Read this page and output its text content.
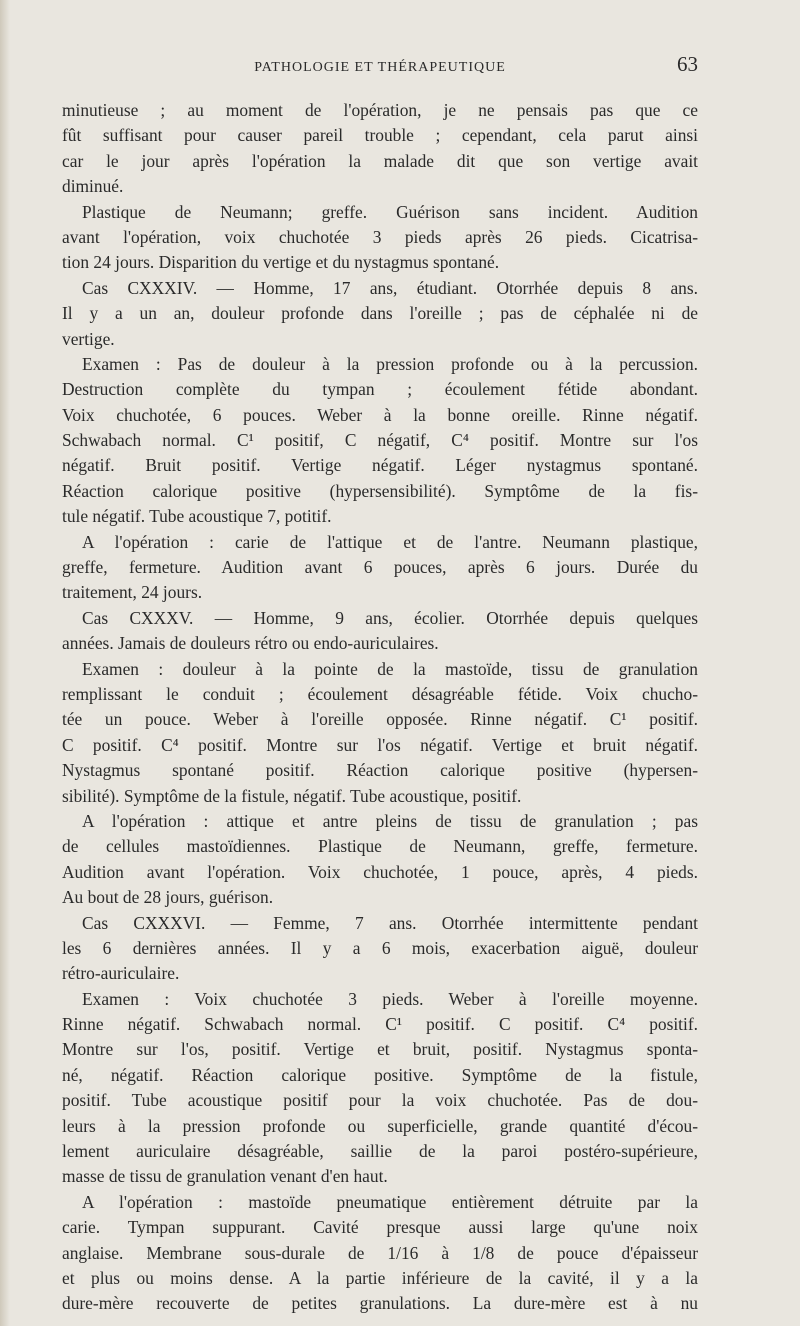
PATHOLOGIE ET THÉRAPEUTIQUE	63
minutieuse ; au moment de l'opération, je ne pensais pas que ce
fût suffisant pour causer pareil trouble ; cependant, cela parut ainsi
car le jour après l'opération la malade dit que son vertige avait
diminué.
Plastique de Neumann; greffe. Guérison sans incident. Audition
avant l'opération, voix chuchotée 3 pieds après 26 pieds. Cicatrisa-
tion 24 jours. Disparition du vertige et du nystagmus spontané.
Cas CXXXIV. — Homme, 17 ans, étudiant. Otorrhée depuis 8 ans.
Il y a un an, douleur profonde dans l'oreille ; pas de céphalée ni de
vertige.
Examen : Pas de douleur à la pression profonde ou à la percussion.
Destruction complète du tympan ; écoulement fétide abondant.
Voix chuchotée, 6 pouces. Weber à la bonne oreille. Rinne négatif.
Schwabach normal. C¹ positif, C négatif, C⁴ positif. Montre sur l'os
négatif. Bruit positif. Vertige négatif. Léger nystagmus spontané.
Réaction calorique positive (hypersensibilité). Symptôme de la fis-
tule négatif. Tube acoustique 7, potitif.
A l'opération : carie de l'attique et de l'antre. Neumann plastique,
greffe, fermeture. Audition avant 6 pouces, après 6 jours. Durée du
traitement, 24 jours.
Cas CXXXV. — Homme, 9 ans, écolier. Otorrhée depuis quelques
années. Jamais de douleurs rétro ou endo-auriculaires.
Examen : douleur à la pointe de la mastoïde, tissu de granulation
remplissant le conduit ; écoulement désagréable fétide. Voix chucho-
tée un pouce. Weber à l'oreille opposée. Rinne négatif. C¹ positif.
C positif. C⁴ positif. Montre sur l'os négatif. Vertige et bruit négatif.
Nystagmus spontané positif. Réaction calorique positive (hypersen-
sibilité). Symptôme de la fistule, négatif. Tube acoustique, positif.
A l'opération : attique et antre pleins de tissu de granulation ; pas
de cellules mastoïdiennes. Plastique de Neumann, greffe, fermeture.
Audition avant l'opération. Voix chuchotée, 1 pouce, après, 4 pieds.
Au bout de 28 jours, guérison.
Cas CXXXVI. — Femme, 7 ans. Otorrhée intermittente pendant
les 6 dernières années. Il y a 6 mois, exacerbation aiguë, douleur
rétro-auriculaire.
Examen : Voix chuchotée 3 pieds. Weber à l'oreille moyenne.
Rinne négatif. Schwabach normal. C¹ positif. C positif. C⁴ positif.
Montre sur l'os, positif. Vertige et bruit, positif. Nystagmus sponta-
né, négatif. Réaction calorique positive. Symptôme de la fistule,
positif. Tube acoustique positif pour la voix chuchotée. Pas de dou-
leurs à la pression profonde ou superficielle, grande quantité d'écou-
lement auriculaire désagréable, saillie de la paroi postéro-supérieure,
masse de tissu de granulation venant d'en haut.
A l'opération : mastoïde pneumatique entièrement détruite par la
carie. Tympan suppurant. Cavité presque aussi large qu'une noix
anglaise. Membrane sous-durale de 1/16 à 1/8 de pouce d'épaisseur
et plus ou moins dense. A la partie inférieure de la cavité, il y a la
dure-mère recouverte de petites granulations. La dure-mère est à nu
